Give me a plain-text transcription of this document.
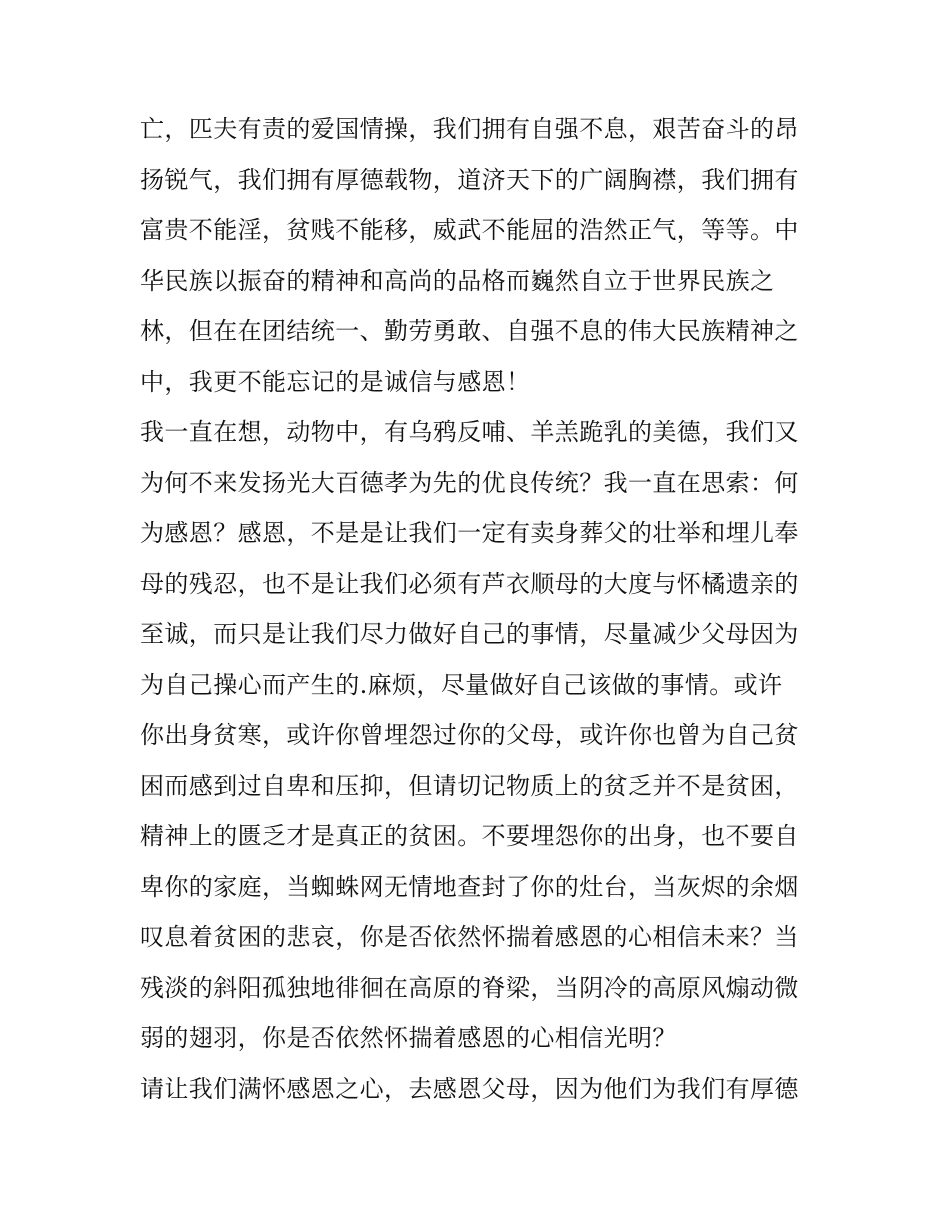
亡，匹夫有责的爱国情操，我们拥有自强不息，艰苦奋斗的昂
扬锐气，我们拥有厚德载物，道济天下的广阔胸襟，我们拥有
富贵不能淫，贫贱不能移，威武不能屈的浩然正气，等等。中
华民族以振奋的精神和高尚的品格而巍然自立于世界民族之
林，但在在团结统一、勤劳勇敢、自强不息的伟大民族精神之
中，我更不能忘记的是诚信与感恩！
我一直在想，动物中，有乌鸦反哺、羊羔跪乳的美德，我们又
为何不来发扬光大百德孝为先的优良传统？我一直在思索：何
为感恩？感恩，不是是让我们一定有卖身葬父的壮举和埋儿奉
母的残忍，也不是让我们必须有芦衣顺母的大度与怀橘遗亲的
至诚，而只是让我们尽力做好自己的事情，尽量减少父母因为
为自己操心而产生的.麻烦，尽量做好自己该做的事情。或许
你出身贫寒，或许你曾埋怨过你的父母，或许你也曾为自己贫
困而感到过自卑和压抑，但请切记物质上的贫乏并不是贫困，
精神上的匮乏才是真正的贫困。不要埋怨你的出身，也不要自
卑你的家庭，当蜘蛛网无情地查封了你的灶台，当灰烬的余烟
叹息着贫困的悲哀，你是否依然怀揣着感恩的心相信未来？当
残淡的斜阳孤独地徘徊在高原的脊梁，当阴冷的高原风煽动微
弱的翅羽，你是否依然怀揣着感恩的心相信光明？
请让我们满怀感恩之心，去感恩父母，因为他们为我们有厚德
